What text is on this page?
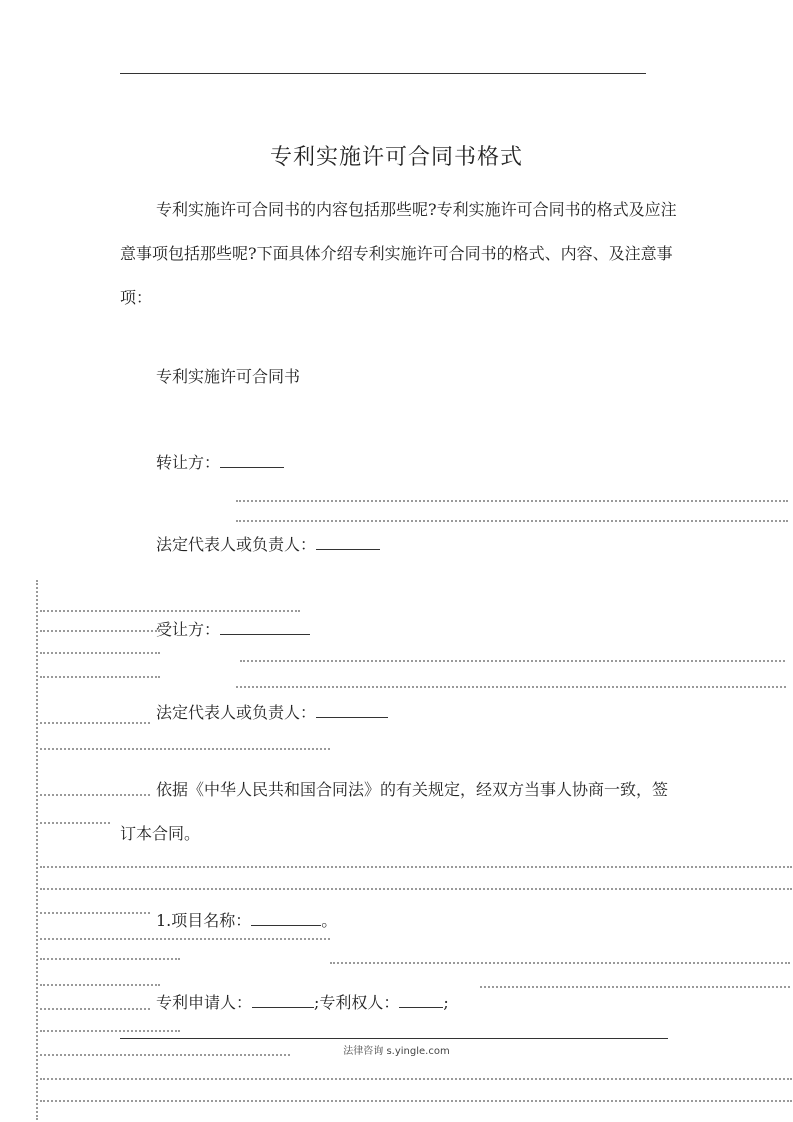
专利实施许可合同书格式

专利实施许可合同书的内容包括那些呢?专利实施许可合同书的格式及应注意事项包括那些呢?下面具体介绍专利实施许可合同书的格式、内容、及注意事项：

专利实施许可合同书
转让方：
法定代表人或负责人：
受让方：
法定代表人或负责人：

依据《中华人民共和国合同法》的有关规定，经双方当事人协商一致，签订本合同。

1.项目名称：	。
专利申请人：	;专利权人：	;
法律咨询 s.yingle.com
